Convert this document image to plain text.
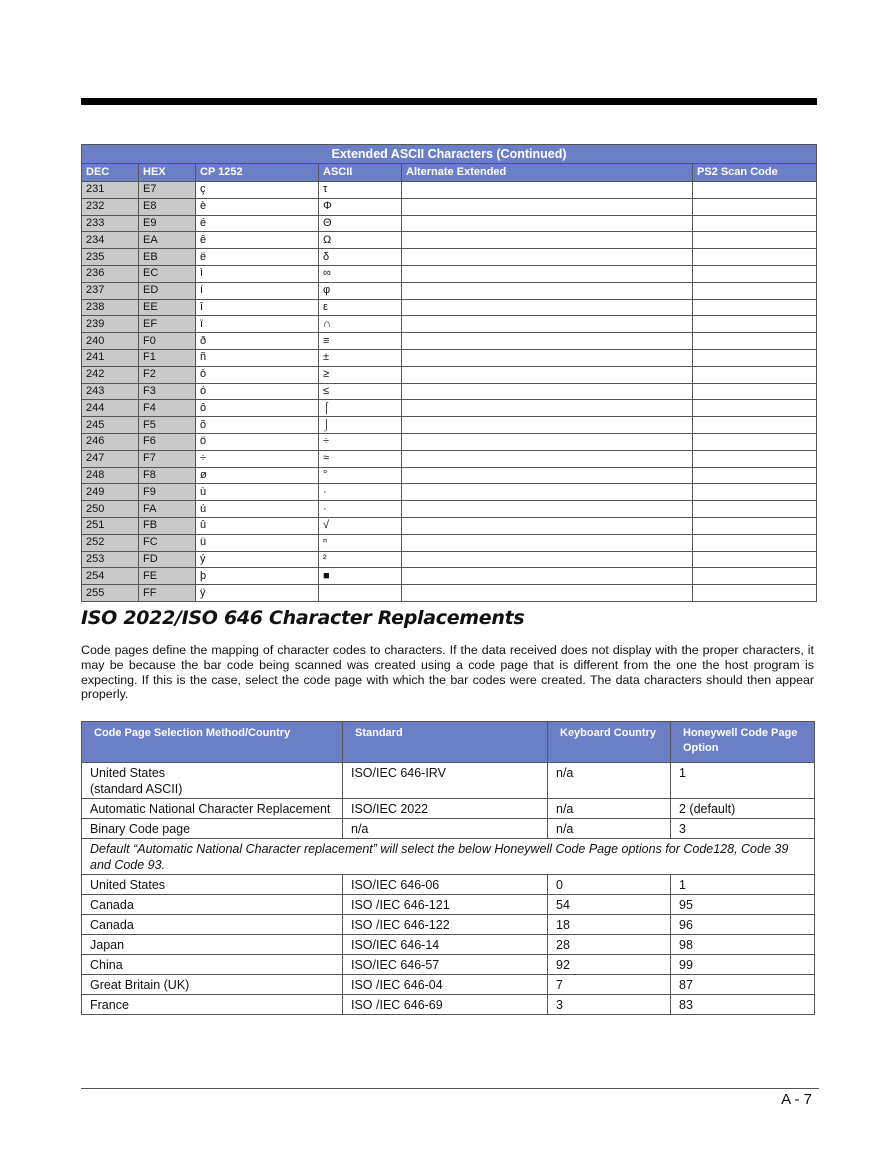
Extended ASCII Characters (Continued)					
DEC	HEX	CP 1252	ASCII	Alternate Extended	PS2 Scan Code
231	E7	ç	τ		
232	E8	è	Φ		
233	E9	é	Θ		
234	EA	ê	Ω		
235	EB	ë	δ		
236	EC	ì	∞		
237	ED	í	φ		
238	EE	î	ε		
239	EF	ï	∩		
240	F0	ð	≡		
241	F1	ñ	±		
242	F2	ò	≥		
243	F3	ó	≤		
244	F4	ô	⌠		
245	F5	õ	⌡		
246	F6	ö	÷		
247	F7	÷	≈		
248	F8	ø	°		
249	F9	ù	·		
250	FA	ú	·		
251	FB	û	√		
252	FC	ü	ⁿ		
253	FD	ý	²		
254	FE	þ	■		
255	FF	ÿ			
ISO 2022/ISO 646 Character Replacements

Code pages define the mapping of character codes to characters. If the data received does not display with the proper characters, it may be because the bar code being scanned was created using a code page that is different from the one the host program is expecting. If this is the case, select the code page with which the bar codes were created. The data characters should then appear properly.

Code Page Selection Method/Country	Standard	Keyboard Country	Honeywell Code Page Option
United States
(standard ASCII)	ISO/IEC 646-IRV	n/a	1
Automatic National Character Replacement	ISO/IEC 2022	n/a	2 (default)
Binary Code page	n/a	n/a	3
Default “Automatic National Character replacement” will select the below Honeywell Code Page options for Code128, Code 39 and Code 93.			
United States	ISO/IEC 646-06	0	1
Canada	ISO /IEC 646-121	54	95
Canada	ISO /IEC 646-122	18	96
Japan	ISO/IEC 646-14	28	98
China	ISO/IEC 646-57	92	99
Great Britain (UK)	ISO /IEC 646-04	7	87
France	ISO /IEC 646-69	3	83
A - 7
